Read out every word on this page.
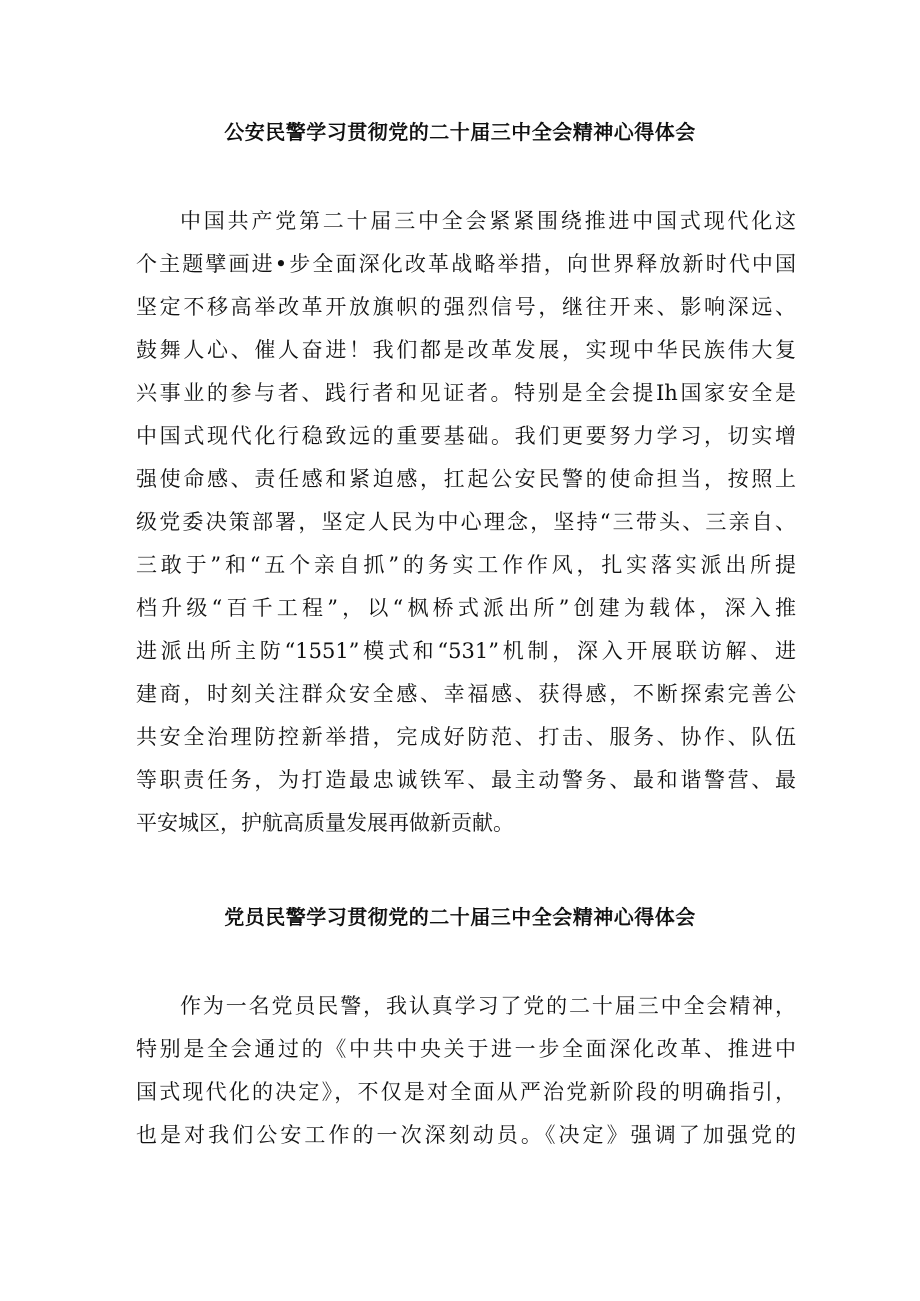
公安民警学习贯彻党的二十届三中全会精神心得体会
中国共产党第二十届三中全会紧紧围绕推进中国式现代化这
个主题擘画进•步全面深化改革战略举措，向世界释放新时代中国
坚定不移高举改革开放旗帜的强烈信号，继往开来、影响深远、
鼓舞人心、催人奋进！我们都是改革发展，实现中华民族伟大复
兴事业的参与者、践行者和见证者。特别是全会提Ih国家安全是
中国式现代化行稳致远的重要基础。我们更要努力学习，切实增
强使命感、责任感和紧迫感，扛起公安民警的使命担当，按照上
级党委决策部署，坚定人民为中心理念，坚持“三带头、三亲自、
三敢于”和“五个亲自抓”的务实工作作风，扎实落实派出所提
档升级“百千工程”，以“枫桥式派出所”创建为载体，深入推
进派出所主防“1551”模式和“531”机制，深入开展联访解、进
建商，时刻关注群众安全感、幸福感、获得感，不断探索完善公
共安全治理防控新举措，完成好防范、打击、服务、协作、队伍
等职责任务，为打造最忠诚铁军、最主动警务、最和谐警营、最
平安城区，护航高质量发展再做新贡献。
党员民警学习贯彻党的二十届三中全会精神心得体会
作为一名党员民警，我认真学习了党的二十届三中全会精神，
特别是全会通过的《中共中央关于进一步全面深化改革、推进中
国式现代化的决定》，不仅是对全面从严治党新阶段的明确指引，
也是对我们公安工作的一次深刻动员。《决定》强调了加强党的
